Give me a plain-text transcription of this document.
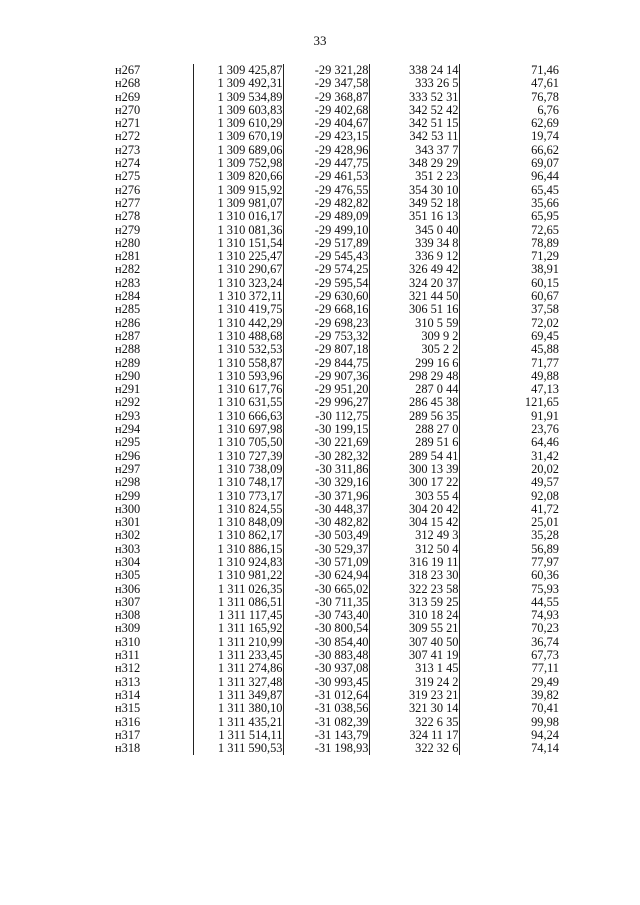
33
н267	1 309 425,87	-29 321,28	338 24 14	71,46
н268	1 309 492,31	-29 347,58	333 26 5	47,61
н269	1 309 534,89	-29 368,87	333 52 31	76,78
н270	1 309 603,83	-29 402,68	342 52 42	6,76
н271	1 309 610,29	-29 404,67	342 51 15	62,69
н272	1 309 670,19	-29 423,15	342 53 11	19,74
н273	1 309 689,06	-29 428,96	343 37 7	66,62
н274	1 309 752,98	-29 447,75	348 29 29	69,07
н275	1 309 820,66	-29 461,53	351 2 23	96,44
н276	1 309 915,92	-29 476,55	354 30 10	65,45
н277	1 309 981,07	-29 482,82	349 52 18	35,66
н278	1 310 016,17	-29 489,09	351 16 13	65,95
н279	1 310 081,36	-29 499,10	345 0 40	72,65
н280	1 310 151,54	-29 517,89	339 34 8	78,89
н281	1 310 225,47	-29 545,43	336 9 12	71,29
н282	1 310 290,67	-29 574,25	326 49 42	38,91
н283	1 310 323,24	-29 595,54	324 20 37	60,15
н284	1 310 372,11	-29 630,60	321 44 50	60,67
н285	1 310 419,75	-29 668,16	306 51 16	37,58
н286	1 310 442,29	-29 698,23	310 5 59	72,02
н287	1 310 488,68	-29 753,32	309 9 2	69,45
н288	1 310 532,53	-29 807,18	305 2 2	45,88
н289	1 310 558,87	-29 844,75	299 16 6	71,77
н290	1 310 593,96	-29 907,36	298 29 48	49,88
н291	1 310 617,76	-29 951,20	287 0 44	47,13
н292	1 310 631,55	-29 996,27	286 45 38	121,65
н293	1 310 666,63	-30 112,75	289 56 35	91,91
н294	1 310 697,98	-30 199,15	288 27 0	23,76
н295	1 310 705,50	-30 221,69	289 51 6	64,46
н296	1 310 727,39	-30 282,32	289 54 41	31,42
н297	1 310 738,09	-30 311,86	300 13 39	20,02
н298	1 310 748,17	-30 329,16	300 17 22	49,57
н299	1 310 773,17	-30 371,96	303 55 4	92,08
н300	1 310 824,55	-30 448,37	304 20 42	41,72
н301	1 310 848,09	-30 482,82	304 15 42	25,01
н302	1 310 862,17	-30 503,49	312 49 3	35,28
н303	1 310 886,15	-30 529,37	312 50 4	56,89
н304	1 310 924,83	-30 571,09	316 19 11	77,97
н305	1 310 981,22	-30 624,94	318 23 30	60,36
н306	1 311 026,35	-30 665,02	322 23 58	75,93
н307	1 311 086,51	-30 711,35	313 59 25	44,55
н308	1 311 117,45	-30 743,40	310 18 24	74,93
н309	1 311 165,92	-30 800,54	309 55 21	70,23
н310	1 311 210,99	-30 854,40	307 40 50	36,74
н311	1 311 233,45	-30 883,48	307 41 19	67,73
н312	1 311 274,86	-30 937,08	313 1 45	77,11
н313	1 311 327,48	-30 993,45	319 24 2	29,49
н314	1 311 349,87	-31 012,64	319 23 21	39,82
н315	1 311 380,10	-31 038,56	321 30 14	70,41
н316	1 311 435,21	-31 082,39	322 6 35	99,98
н317	1 311 514,11	-31 143,79	324 11 17	94,24
н318	1 311 590,53	-31 198,93	322 32 6	74,14
